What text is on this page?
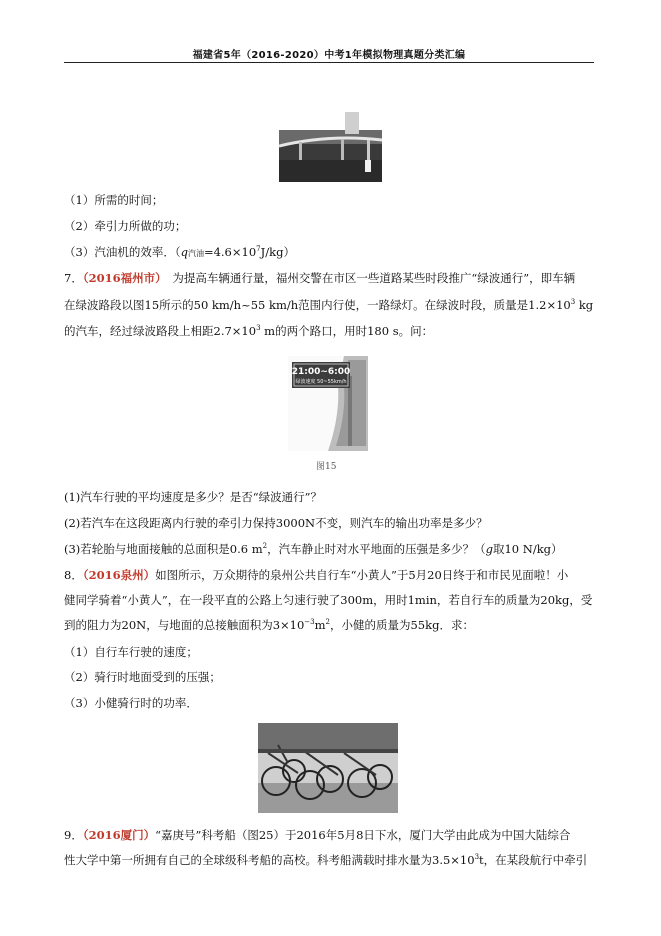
福建省5年（2016-2020）中考1年模拟物理真题分类汇编
（1）所需的时间；
（2）牵引力所做的功；
（3）汽油机的效率．（q汽油$=4.6\times 10^7J/kg$）
7．（2016福州市）　为提高车辆通行量，福州交警在市区一些道路某些时段推广“绿波通行”，即车辆
在绿波路段以图15所示的50 km/h~55 km/h范围内行使，一路绿灯。在绿波时段，质量是$1.2\times 10^3$ kg
的汽车，经过绿波路段上相距$2.7\times 10^3$ m的两个路口，用时180 s。问：
21:00~6:00
绿波速度 50~55km/h
图15
(1)汽车行驶的平均速度是多少？是否“绿波通行”？
(2)若汽车在这段距离内行驶的牵引力保持3000N不变，则汽车的输出功率是多少？
(3)若轮胎与地面接触的总面积是0.6 $m^2$，汽车静止时对水平地面的压强是多少？（g取10 N/kg）
8．（2016泉州）如图所示，万众期待的泉州公共自行车“小黄人”于5月20日终于和市民见面啦！小
健同学骑着“小黄人”，在一段平直的公路上匀速行驶了300m，用时1min，若自行车的质量为20kg，受
到的阻力为20N，与地面的总接触面积为$3\times 10^{-3}m^2$，小健的质量为55kg．求：
（1）自行车行驶的速度；
（2）骑行时地面受到的压强；
（3）小健骑行时的功率．
9．（2016厦门）“嘉庚号”科考船（图25）于2016年5月8日下水，厦门大学由此成为中国大陆综合
性大学中第一所拥有自己的全球级科考船的高校。科考船满载时排水量为$3.5\times 10^3t$，在某段航行中牵引
